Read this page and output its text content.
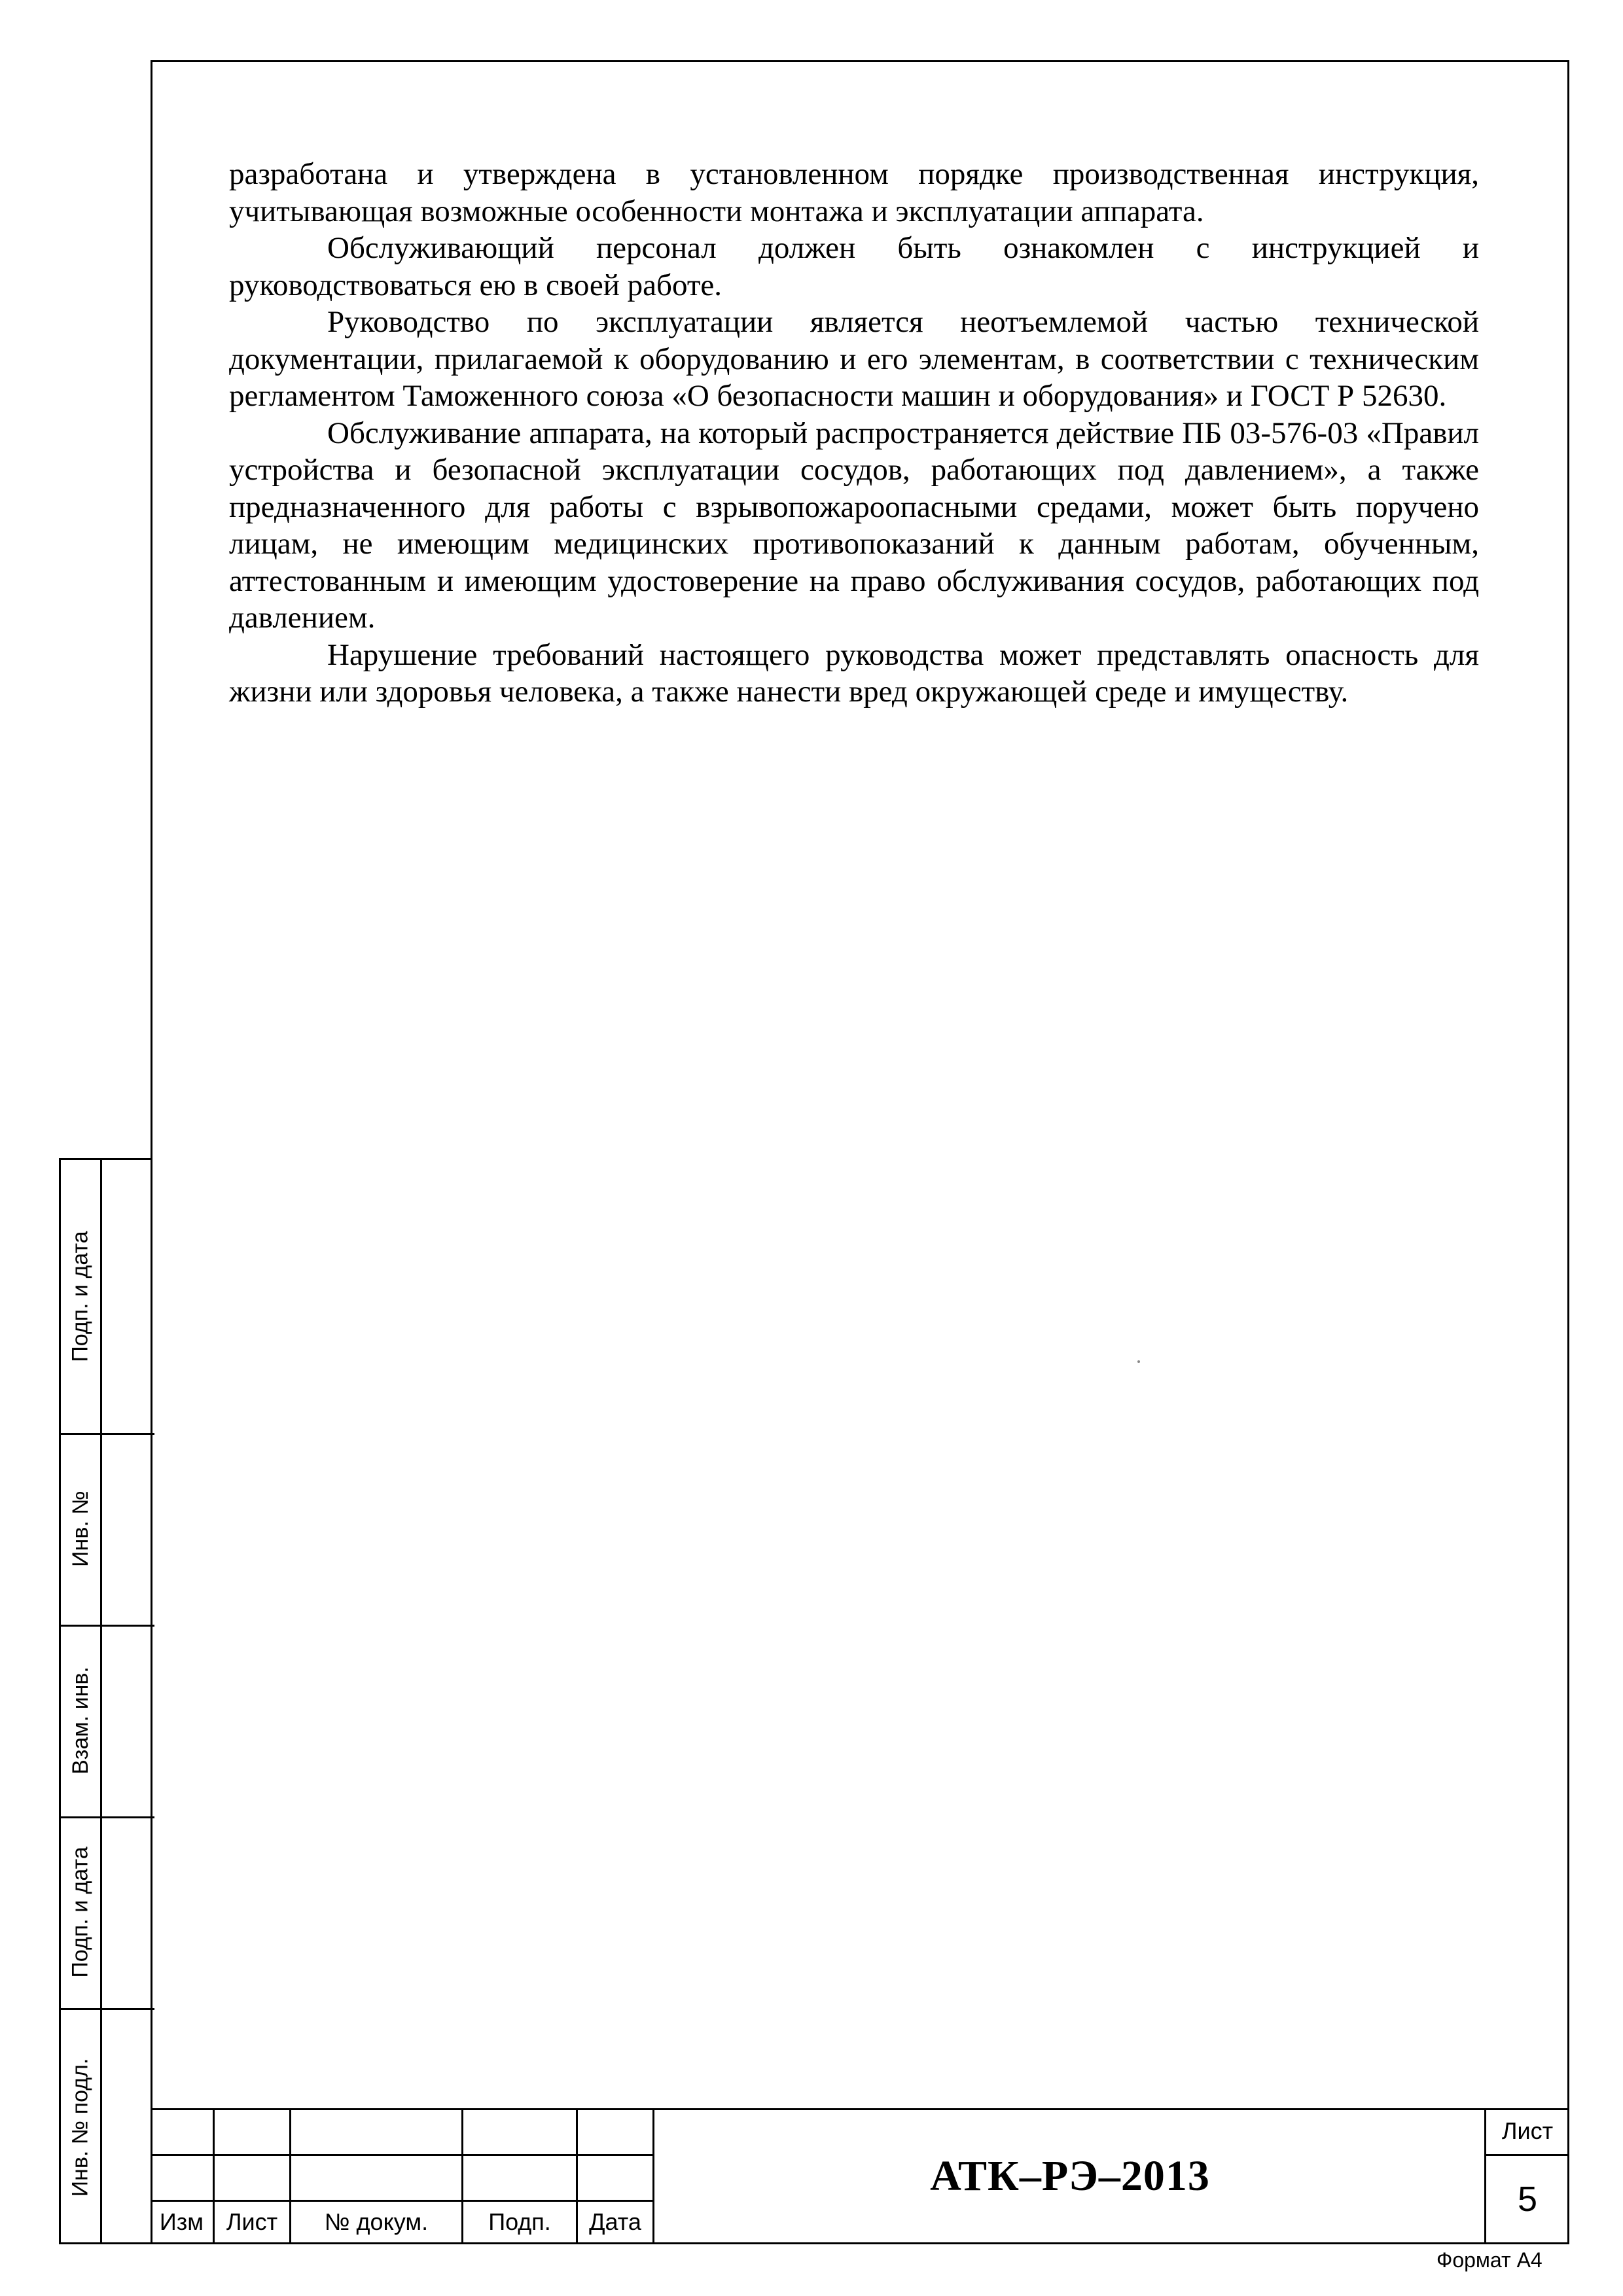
разработана и утверждена в установленном порядке производственная инструкция, учитывающая возможные особенности монтажа и эксплуатации аппарата.

Обслуживающий персонал должен быть ознакомлен с инструкцией и руководствоваться ею в своей работе.

Руководство по эксплуатации является неотъемлемой частью технической документации, прилагаемой к оборудованию и его элементам, в соответствии с техническим регламентом Таможенного союза «О безопасности машин и оборудования» и ГОСТ Р 52630.

Обслуживание аппарата, на который распространяется действие ПБ 03-576-03 «Правил устройства и безопасной эксплуатации сосудов, работающих под давлением», а также предназначенного для работы с взрывопожароопасными средами, может быть поручено лицам, не имеющим медицинских противопоказаний к данным работам, обученным, аттестованным и имеющим удостоверение на право обслуживания сосудов, работающих под давлением.

Нарушение требований настоящего руководства может представлять опасность для жизни или здоровья человека, а также нанести вред окружающей среде и имуществу.

Подп. и дата
Инв. №
Взам. инв.
Подп. и дата
Инв. № подл.
Изм Лист	№ докум.	Подп.	Дата
АТК–РЭ–2013
Лист
5
Формат А4
